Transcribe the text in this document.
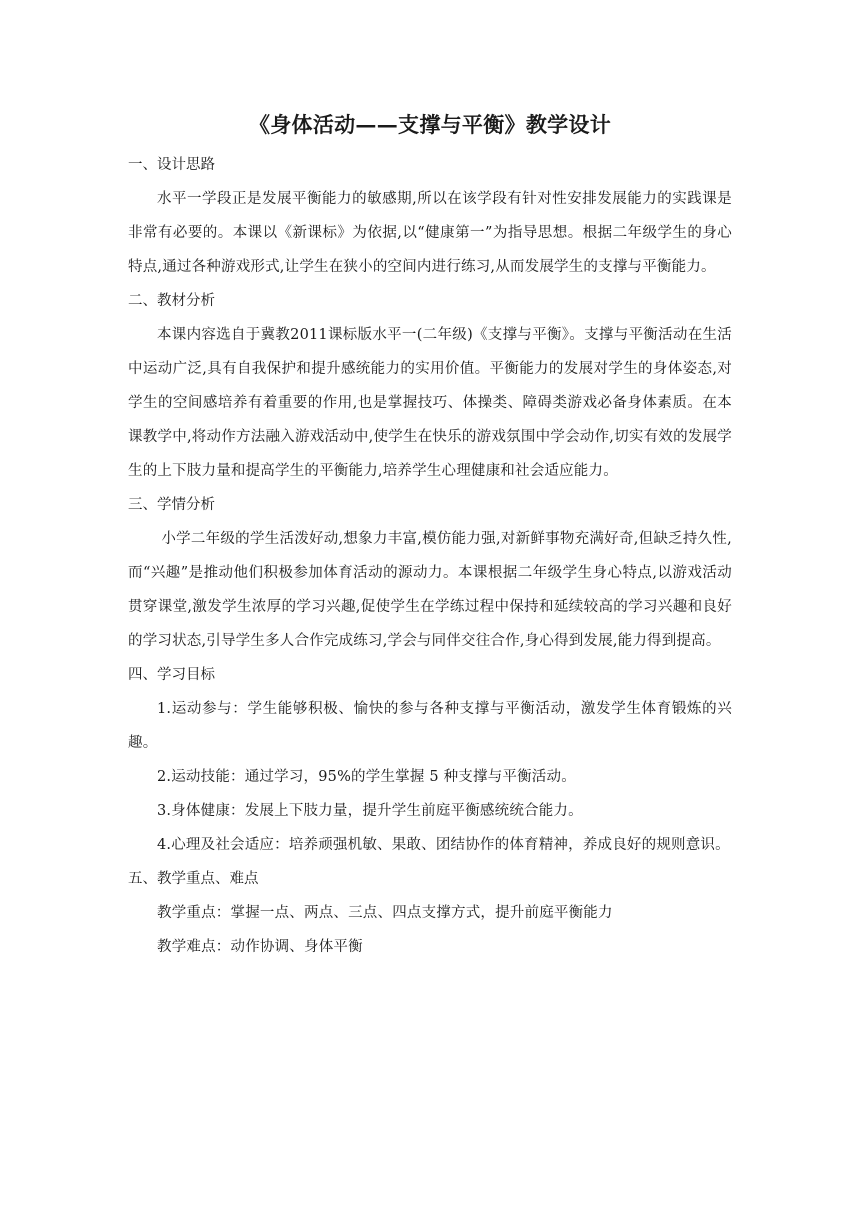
《身体活动——支撑与平衡》教学设计

一、设计思路

水平一学段正是发展平衡能力的敏感期,所以在该学段有针对性安排发展能力的实践课是非常有必要的。本课以《新课标》为依据,以“健康第一”为指导思想。根据二年级学生的身心特点,通过各种游戏形式,让学生在狭小的空间内进行练习,从而发展学生的支撑与平衡能力。

二、教材分析

本课内容选自于冀教2011课标版水平一(二年级)《支撑与平衡》。支撑与平衡活动在生活中运动广泛,具有自我保护和提升感统能力的实用价值。平衡能力的发展对学生的身体姿态,对学生的空间感培养有着重要的作用,也是掌握技巧、体操类、障碍类游戏必备身体素质。在本课教学中,将动作方法融入游戏活动中,使学生在快乐的游戏氛围中学会动作,切实有效的发展学生的上下肢力量和提高学生的平衡能力,培养学生心理健康和社会适应能力。

三、学情分析

小学二年级的学生活泼好动,想象力丰富,模仿能力强,对新鲜事物充满好奇,但缺乏持久性,而“兴趣”是推动他们积极参加体育活动的源动力。本课根据二年级学生身心特点,以游戏活动贯穿课堂,激发学生浓厚的学习兴趣,促使学生在学练过程中保持和延续较高的学习兴趣和良好的学习状态,引导学生多人合作完成练习,学会与同伴交往合作,身心得到发展,能力得到提高。

四、学习目标

1.运动参与：学生能够积极、愉快的参与各种支撑与平衡活动，激发学生体育锻炼的兴趣。

2.运动技能：通过学习，95%的学生掌握 5 种支撑与平衡活动。

3.身体健康：发展上下肢力量，提升学生前庭平衡感统统合能力。

4.心理及社会适应：培养顽强机敏、果敢、团结协作的体育精神，养成良好的规则意识。

五、教学重点、难点

教学重点：掌握一点、两点、三点、四点支撑方式，提升前庭平衡能力

教学难点：动作协调、身体平衡
